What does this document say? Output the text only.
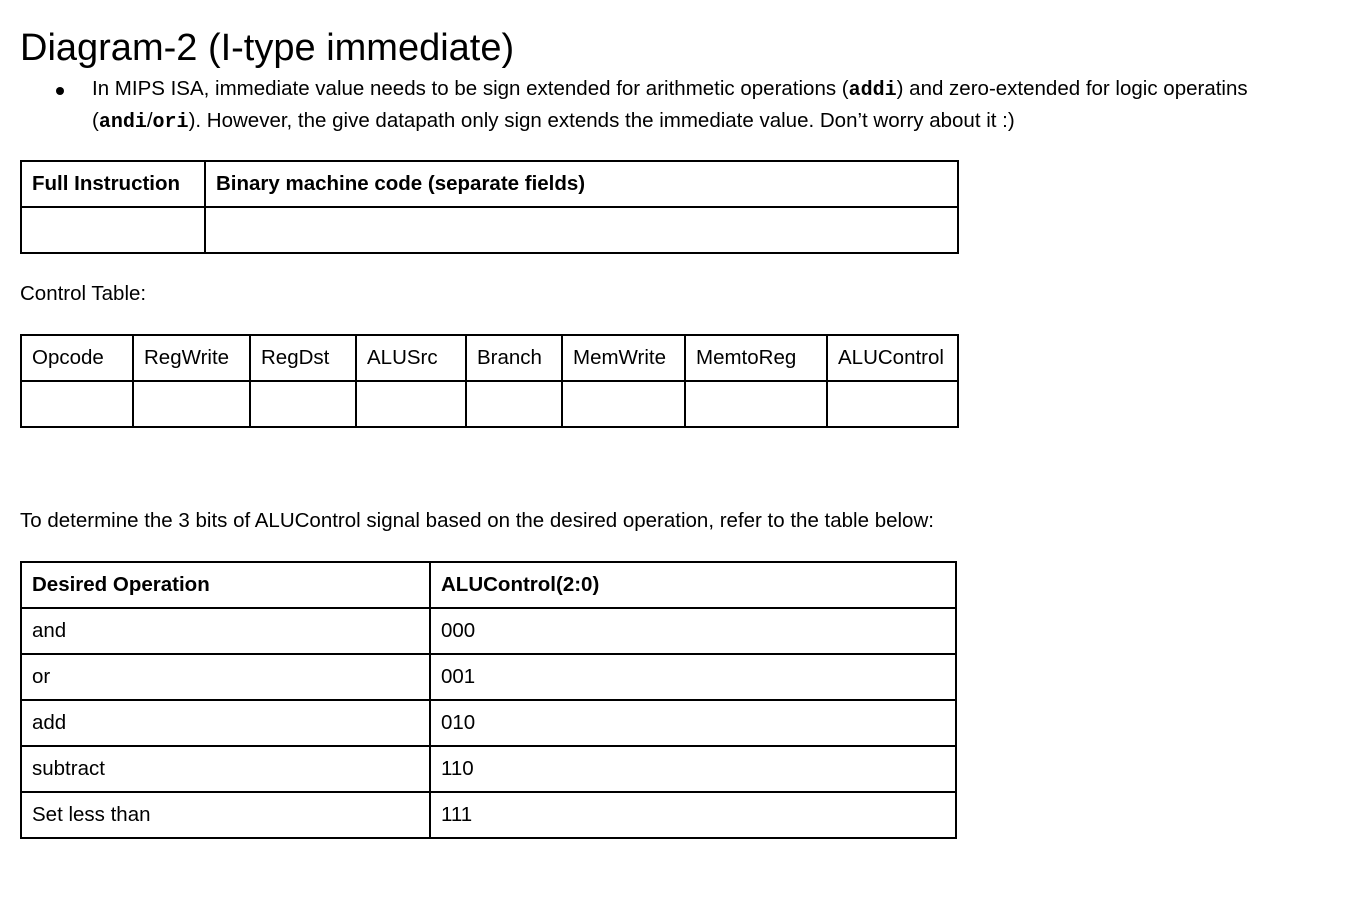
Diagram-2 (I-type immediate)
In MIPS ISA, immediate value needs to be sign extended for arithmetic operations (addi) and zero-extended for logic operatins (andi/ori). However, the give datapath only sign extends the immediate value. Don’t worry about it :)
Full Instruction	Binary machine code (separate fields)

Control Table:
Opcode	RegWrite	RegDst	ALUSrc	Branch	MemWrite	MemtoReg	ALUControl

To determine the 3 bits of ALUControl signal based on the desired operation, refer to the table below:
Desired Operation	ALUControl(2:0)
and	000
or	001
add	010
subtract	110
Set less than	111
